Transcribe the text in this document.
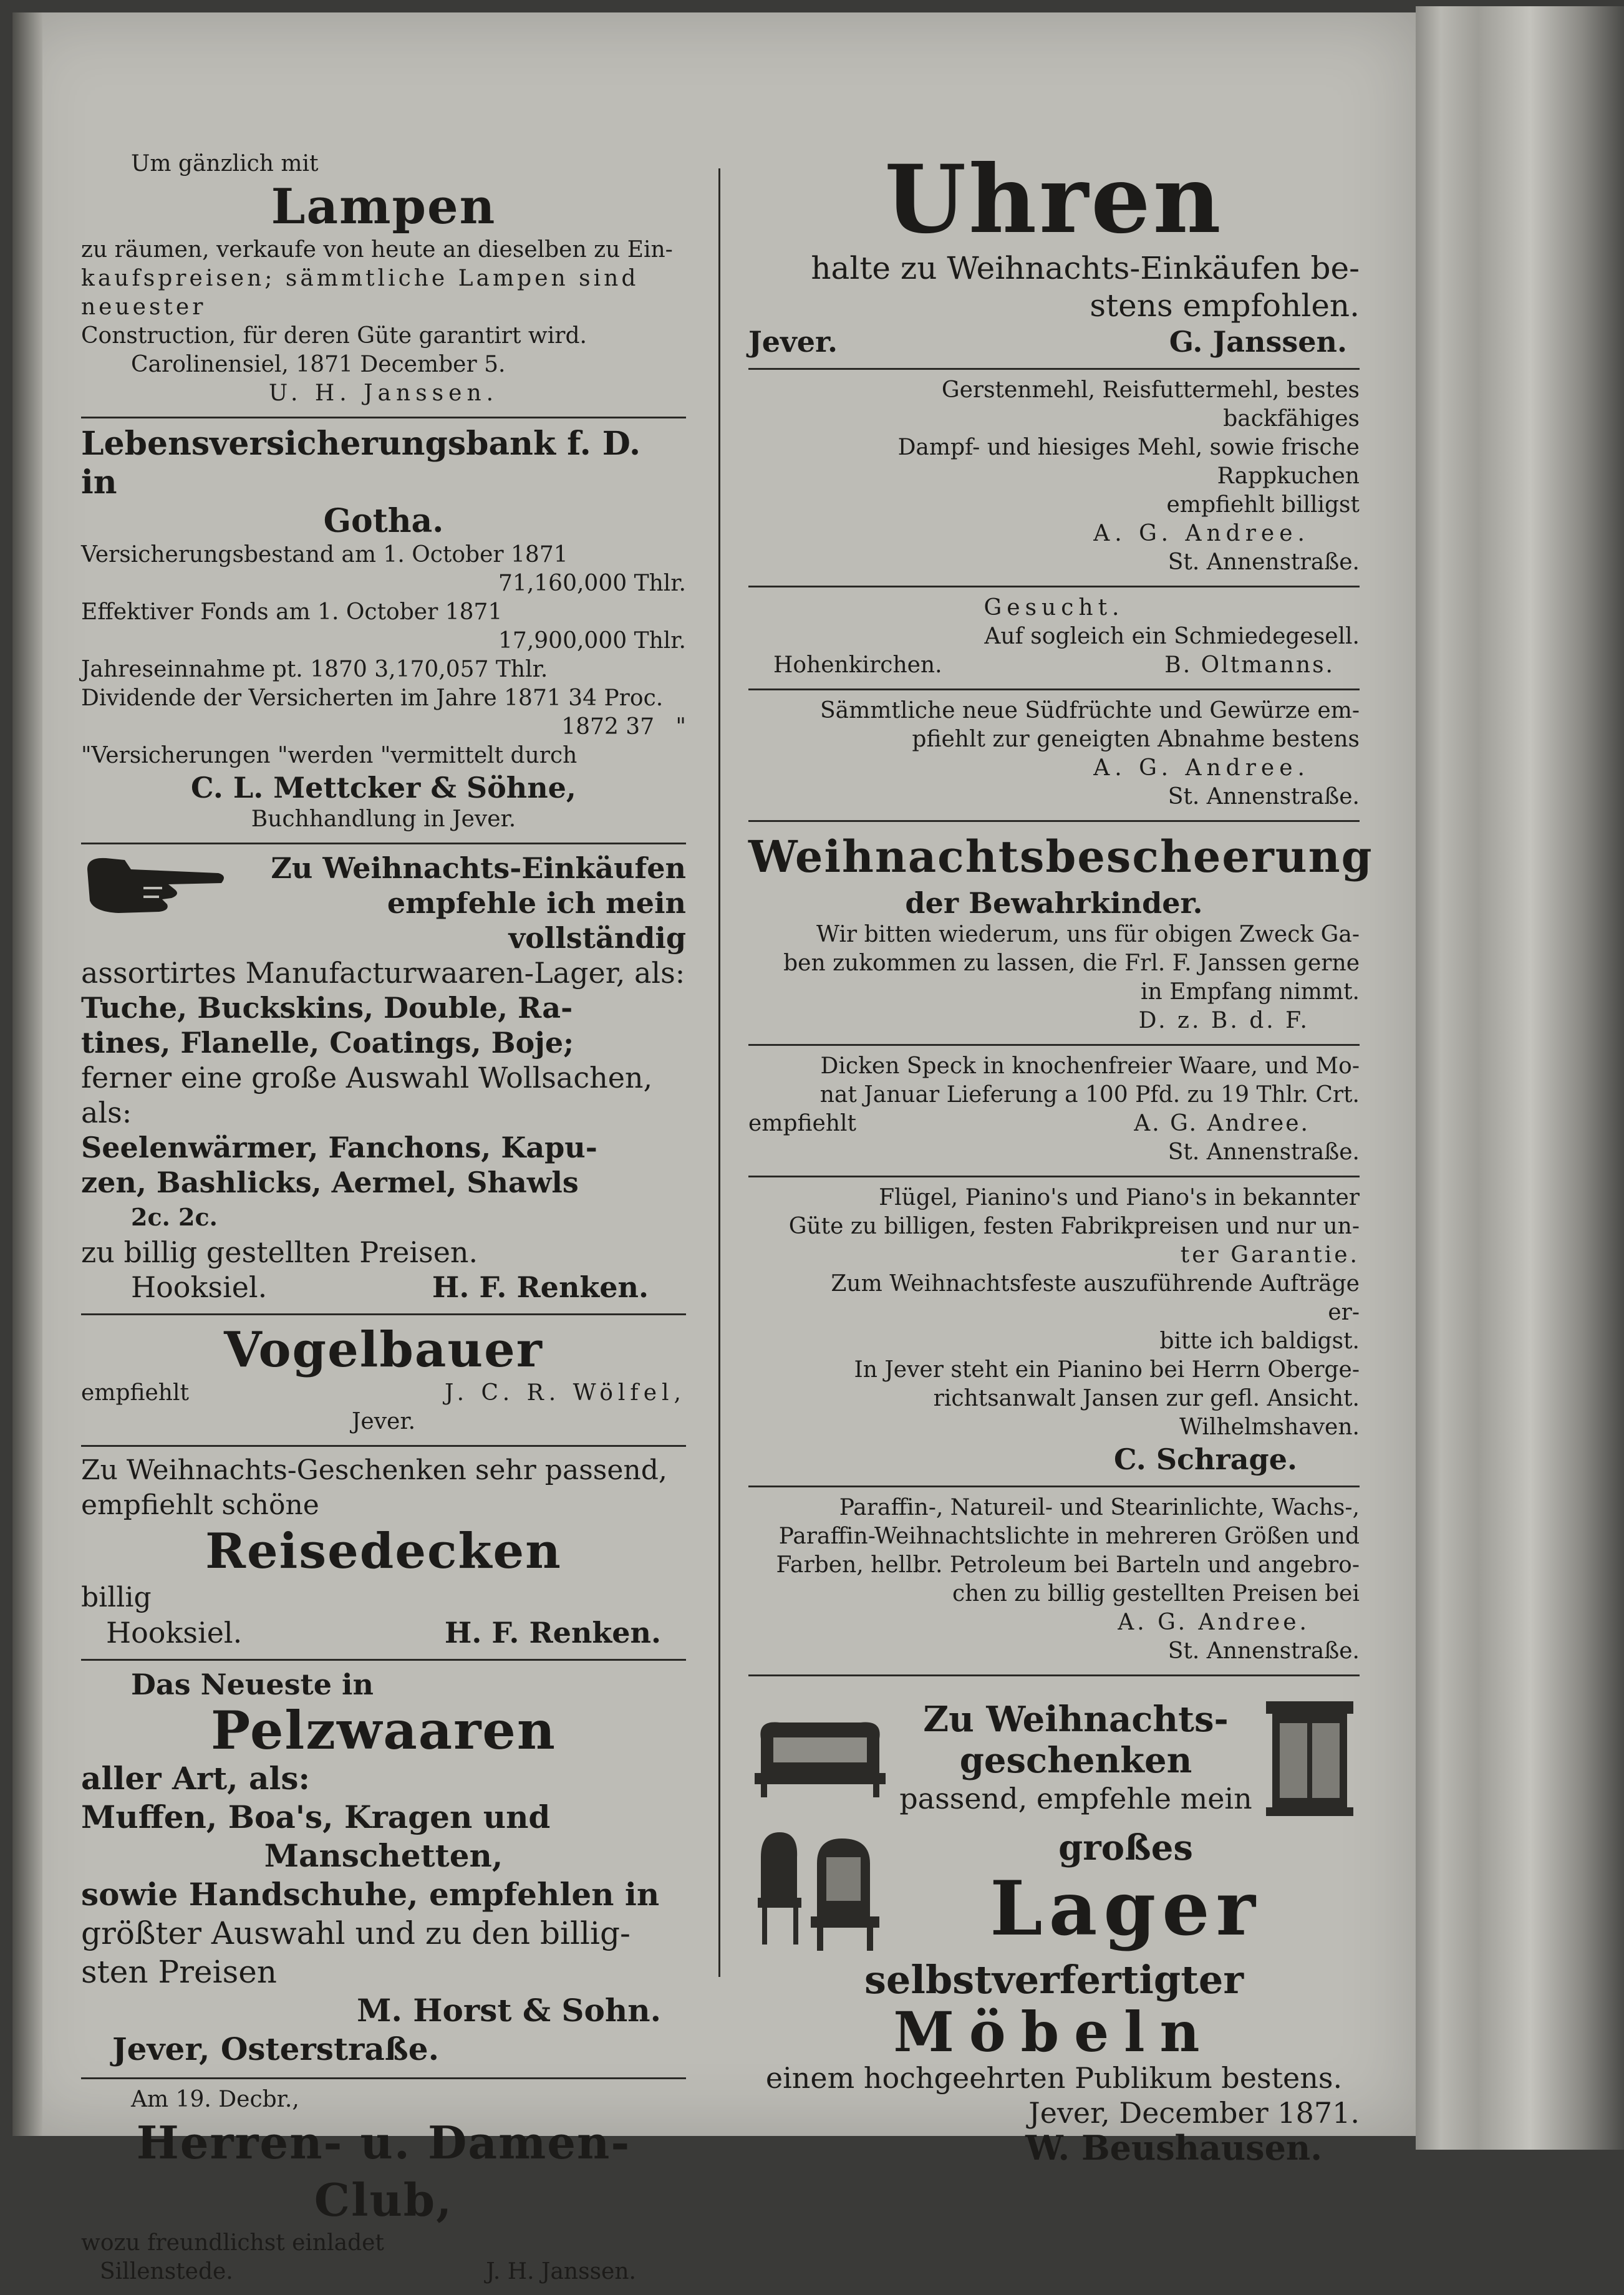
Um gänzlich mit
Lampen
zu räumen, verkaufe von heute an dieselben zu Ein-
kaufspreisen; sämmtliche Lampen sind neuester
Construction, für deren Güte garantirt wird.
Carolinensiel, 1871 December 5.
U. H. Janssen.
Lebensversicherungsbank f. D. in
Gotha.
Versicherungsbestand am 1. October 1871
71,160,000 Thlr.
Effektiver Fonds am 1. October 1871
17,900,000 Thlr.
Jahreseinnahme pt. 1870 3,170,057 Thlr.
Dividende der Versicherten im Jahre 1871 34 Proc.
1872 37   "
"Versicherungen "werden "vermittelt durch
C. L. Mettcker & Söhne,
Buchhandlung in Jever.
Zu Weihnachts-Einkäufen
empfehle ich mein vollständig
assortirtes Manufacturwaaren-Lager, als:
Tuche, Buckskins, Double, Ra-
tines, Flanelle, Coatings, Boje;
ferner eine große Auswahl Wollsachen, als:
Seelenwärmer, Fanchons, Kapu-
zen, Bashlicks, Aermel, Shawls
2c. 2c.
zu billig gestellten Preisen.
Hooksiel.	H. F. Renken.
Vogelbauer
empfiehlt	J. C. R. Wölfel,
Jever.
Zu Weihnachts-Geschenken sehr passend,
empfiehlt schöne
Reisedecken
billig
Hooksiel.	H. F. Renken.
Das Neueste in
Pelzwaaren
aller Art, als:
Muffen, Boa's, Kragen und
Manschetten,
sowie Handschuhe, empfehlen in
größter Auswahl und zu den billig-
sten Preisen
M. Horst & Sohn.
Jever, Osterstraße.
Am 19. Decbr.,
Herren- u. Damen-Club,
wozu freundlichst einladet
Sillenstede.	J. H. Janssen.
Uhren
halte zu Weihnachts-Einkäufen be-
stens empfohlen.
Jever.	G. Janssen.
Gerstenmehl, Reisfuttermehl, bestes backfähiges
Dampf- und hiesiges Mehl, sowie frische Rappkuchen
empfiehlt billigst
A. G. Andree.
St. Annenstraße.
Gesucht.
Auf sogleich ein Schmiedegesell.
Hohenkirchen.	B. Oltmanns.
Sämmtliche neue Südfrüchte und Gewürze em-
pfiehlt zur geneigten Abnahme bestens
A. G. Andree.
St. Annenstraße.
Weihnachtsbescheerung
der Bewahrkinder.
Wir bitten wiederum, uns für obigen Zweck Ga-
ben zukommen zu lassen, die Frl. F. Janssen gerne
in Empfang nimmt.
D. z. B. d. F.
Dicken Speck in knochenfreier Waare, und Mo-
nat Januar Lieferung a 100 Pfd. zu 19 Thlr. Crt.
empfiehlt	A. G. Andree.
St. Annenstraße.
Flügel, Pianino's und Piano's in bekannter
Güte zu billigen, festen Fabrikpreisen und nur un-
ter Garantie.
Zum Weihnachtsfeste auszuführende Aufträge er-
bitte ich baldigst.
In Jever steht ein Pianino bei Herrn Oberge-
richtsanwalt Jansen zur gefl. Ansicht.
Wilhelmshaven.
C. Schrage.
Paraffin-, Natureil- und Stearinlichte, Wachs-,
Paraffin-Weihnachtslichte in mehreren Größen und
Farben, hellbr. Petroleum bei Barteln und angebro-
chen zu billig gestellten Preisen bei
A. G. Andree.
St. Annenstraße.
Zu Weihnachts-
geschenken
passend, empfehle mein
großes
Lager
selbstverfertigter
Möbeln
einem hochgeehrten Publikum bestens.
Jever, December 1871.
W. Beushausen.
